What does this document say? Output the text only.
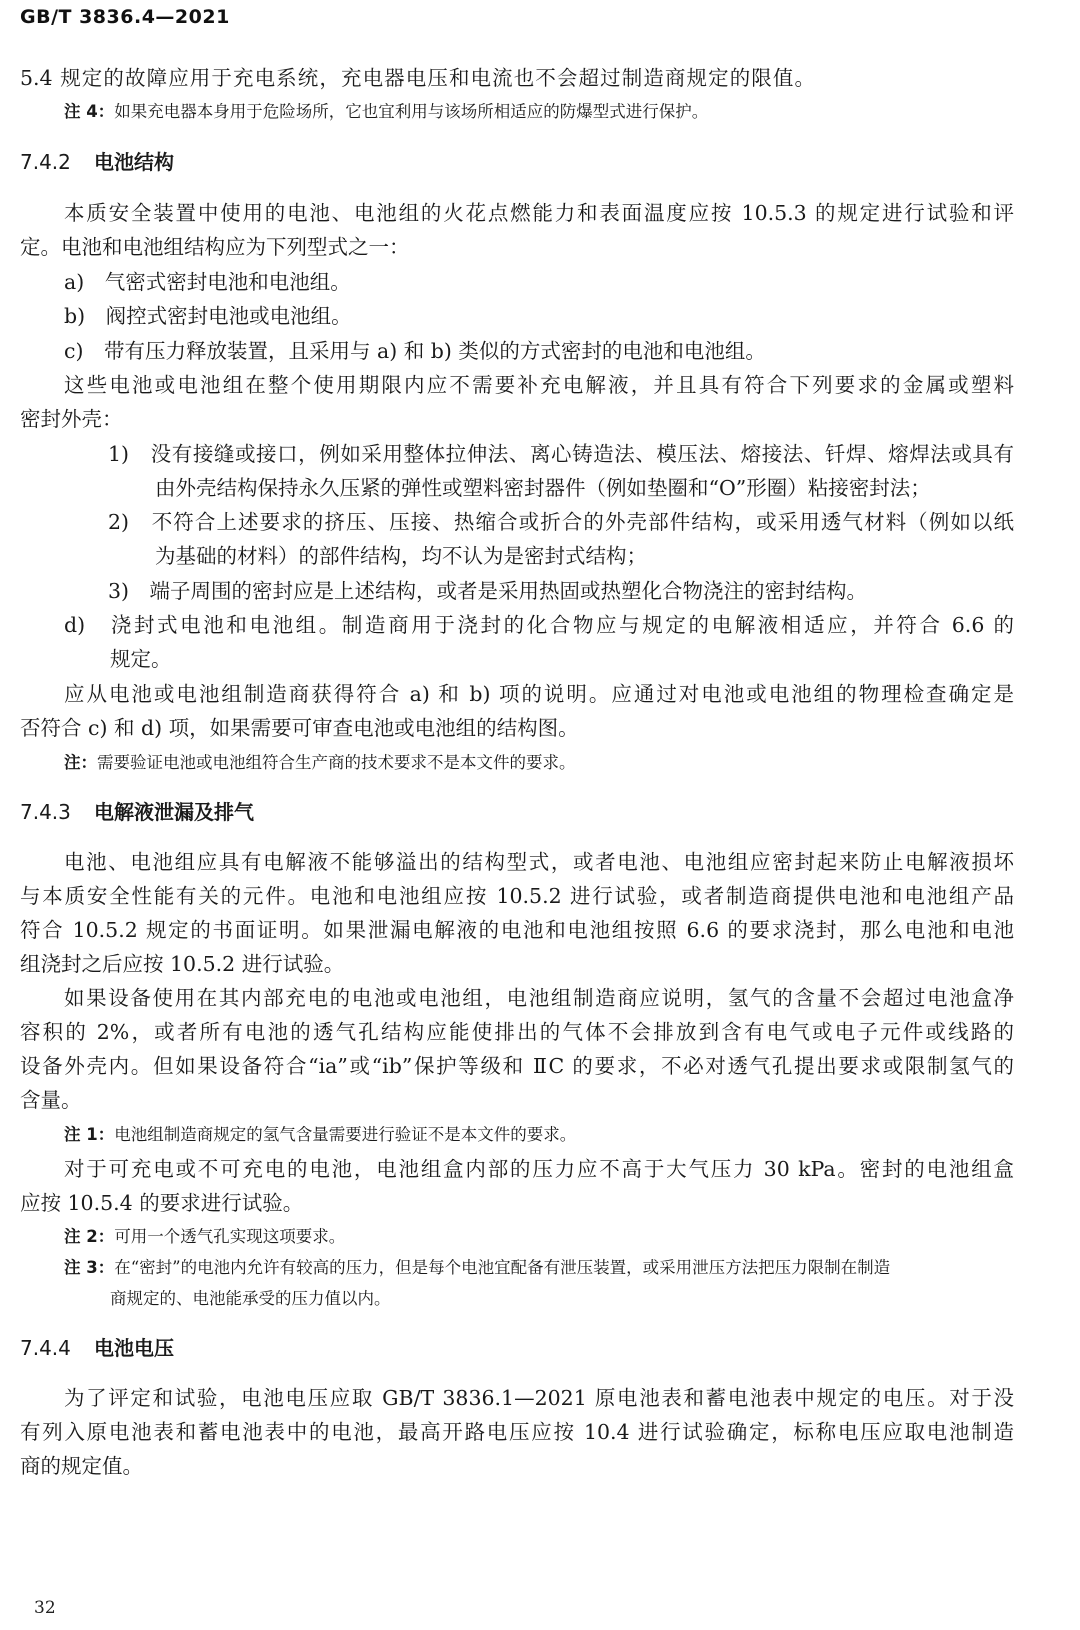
GB/T 3836.4—2021
5.4 规定的故障应用于充电系统，充电器电压和电流也不会超过制造商规定的限值。
注 4：如果充电器本身用于危险场所，它也宜利用与该场所相适应的防爆型式进行保护。
7.4.2 电池结构
本质安全装置中使用的电池、电池组的火花点燃能力和表面温度应按 10.5.3 的规定进行试验和评
定。电池和电池组结构应为下列型式之一：
a)　气密式密封电池和电池组。
b)　阀控式密封电池或电池组。
c)　带有压力释放装置，且采用与 a) 和 b) 类似的方式密封的电池和电池组。
这些电池或电池组在整个使用期限内应不需要补充电解液，并且具有符合下列要求的金属或塑料
密封外壳：
1)　没有接缝或接口，例如采用整体拉伸法、离心铸造法、模压法、熔接法、钎焊、熔焊法或具有
由外壳结构保持永久压紧的弹性或塑料密封器件（例如垫圈和“O”形圈）粘接密封法；
2)　不符合上述要求的挤压、压接、热缩合或折合的外壳部件结构，或采用透气材料（例如以纸
为基础的材料）的部件结构，均不认为是密封式结构；
3)　端子周围的密封应是上述结构，或者是采用热固或热塑化合物浇注的密封结构。
d)　浇封式电池和电池组。制造商用于浇封的化合物应与规定的电解液相适应，并符合 6.6 的
规定。
应从电池或电池组制造商获得符合 a) 和 b) 项的说明。应通过对电池或电池组的物理检查确定是
否符合 c) 和 d) 项，如果需要可审查电池或电池组的结构图。
注：需要验证电池或电池组符合生产商的技术要求不是本文件的要求。
7.4.3 电解液泄漏及排气
电池、电池组应具有电解液不能够溢出的结构型式，或者电池、电池组应密封起来防止电解液损坏
与本质安全性能有关的元件。电池和电池组应按 10.5.2 进行试验，或者制造商提供电池和电池组产品
符合 10.5.2 规定的书面证明。如果泄漏电解液的电池和电池组按照 6.6 的要求浇封，那么电池和电池
组浇封之后应按 10.5.2 进行试验。
如果设备使用在其内部充电的电池或电池组，电池组制造商应说明，氢气的含量不会超过电池盒净
容积的 2%，或者所有电池的透气孔结构应能使排出的气体不会排放到含有电气或电子元件或线路的
设备外壳内。但如果设备符合“ia”或“ib”保护等级和 ⅡC 的要求，不必对透气孔提出要求或限制氢气的
含量。
注 1：电池组制造商规定的氢气含量需要进行验证不是本文件的要求。
对于可充电或不可充电的电池，电池组盒内部的压力应不高于大气压力 30 kPa。密封的电池组盒
应按 10.5.4 的要求进行试验。
注 2：可用一个透气孔实现这项要求。
注 3：在“密封”的电池内允许有较高的压力，但是每个电池宜配备有泄压装置，或采用泄压方法把压力限制在制造
商规定的、电池能承受的压力值以内。
7.4.4 电池电压
为了评定和试验，电池电压应取 GB/T 3836.1—2021 原电池表和蓄电池表中规定的电压。对于没
有列入原电池表和蓄电池表中的电池，最高开路电压应按 10.4 进行试验确定，标称电压应取电池制造
商的规定值。
32
